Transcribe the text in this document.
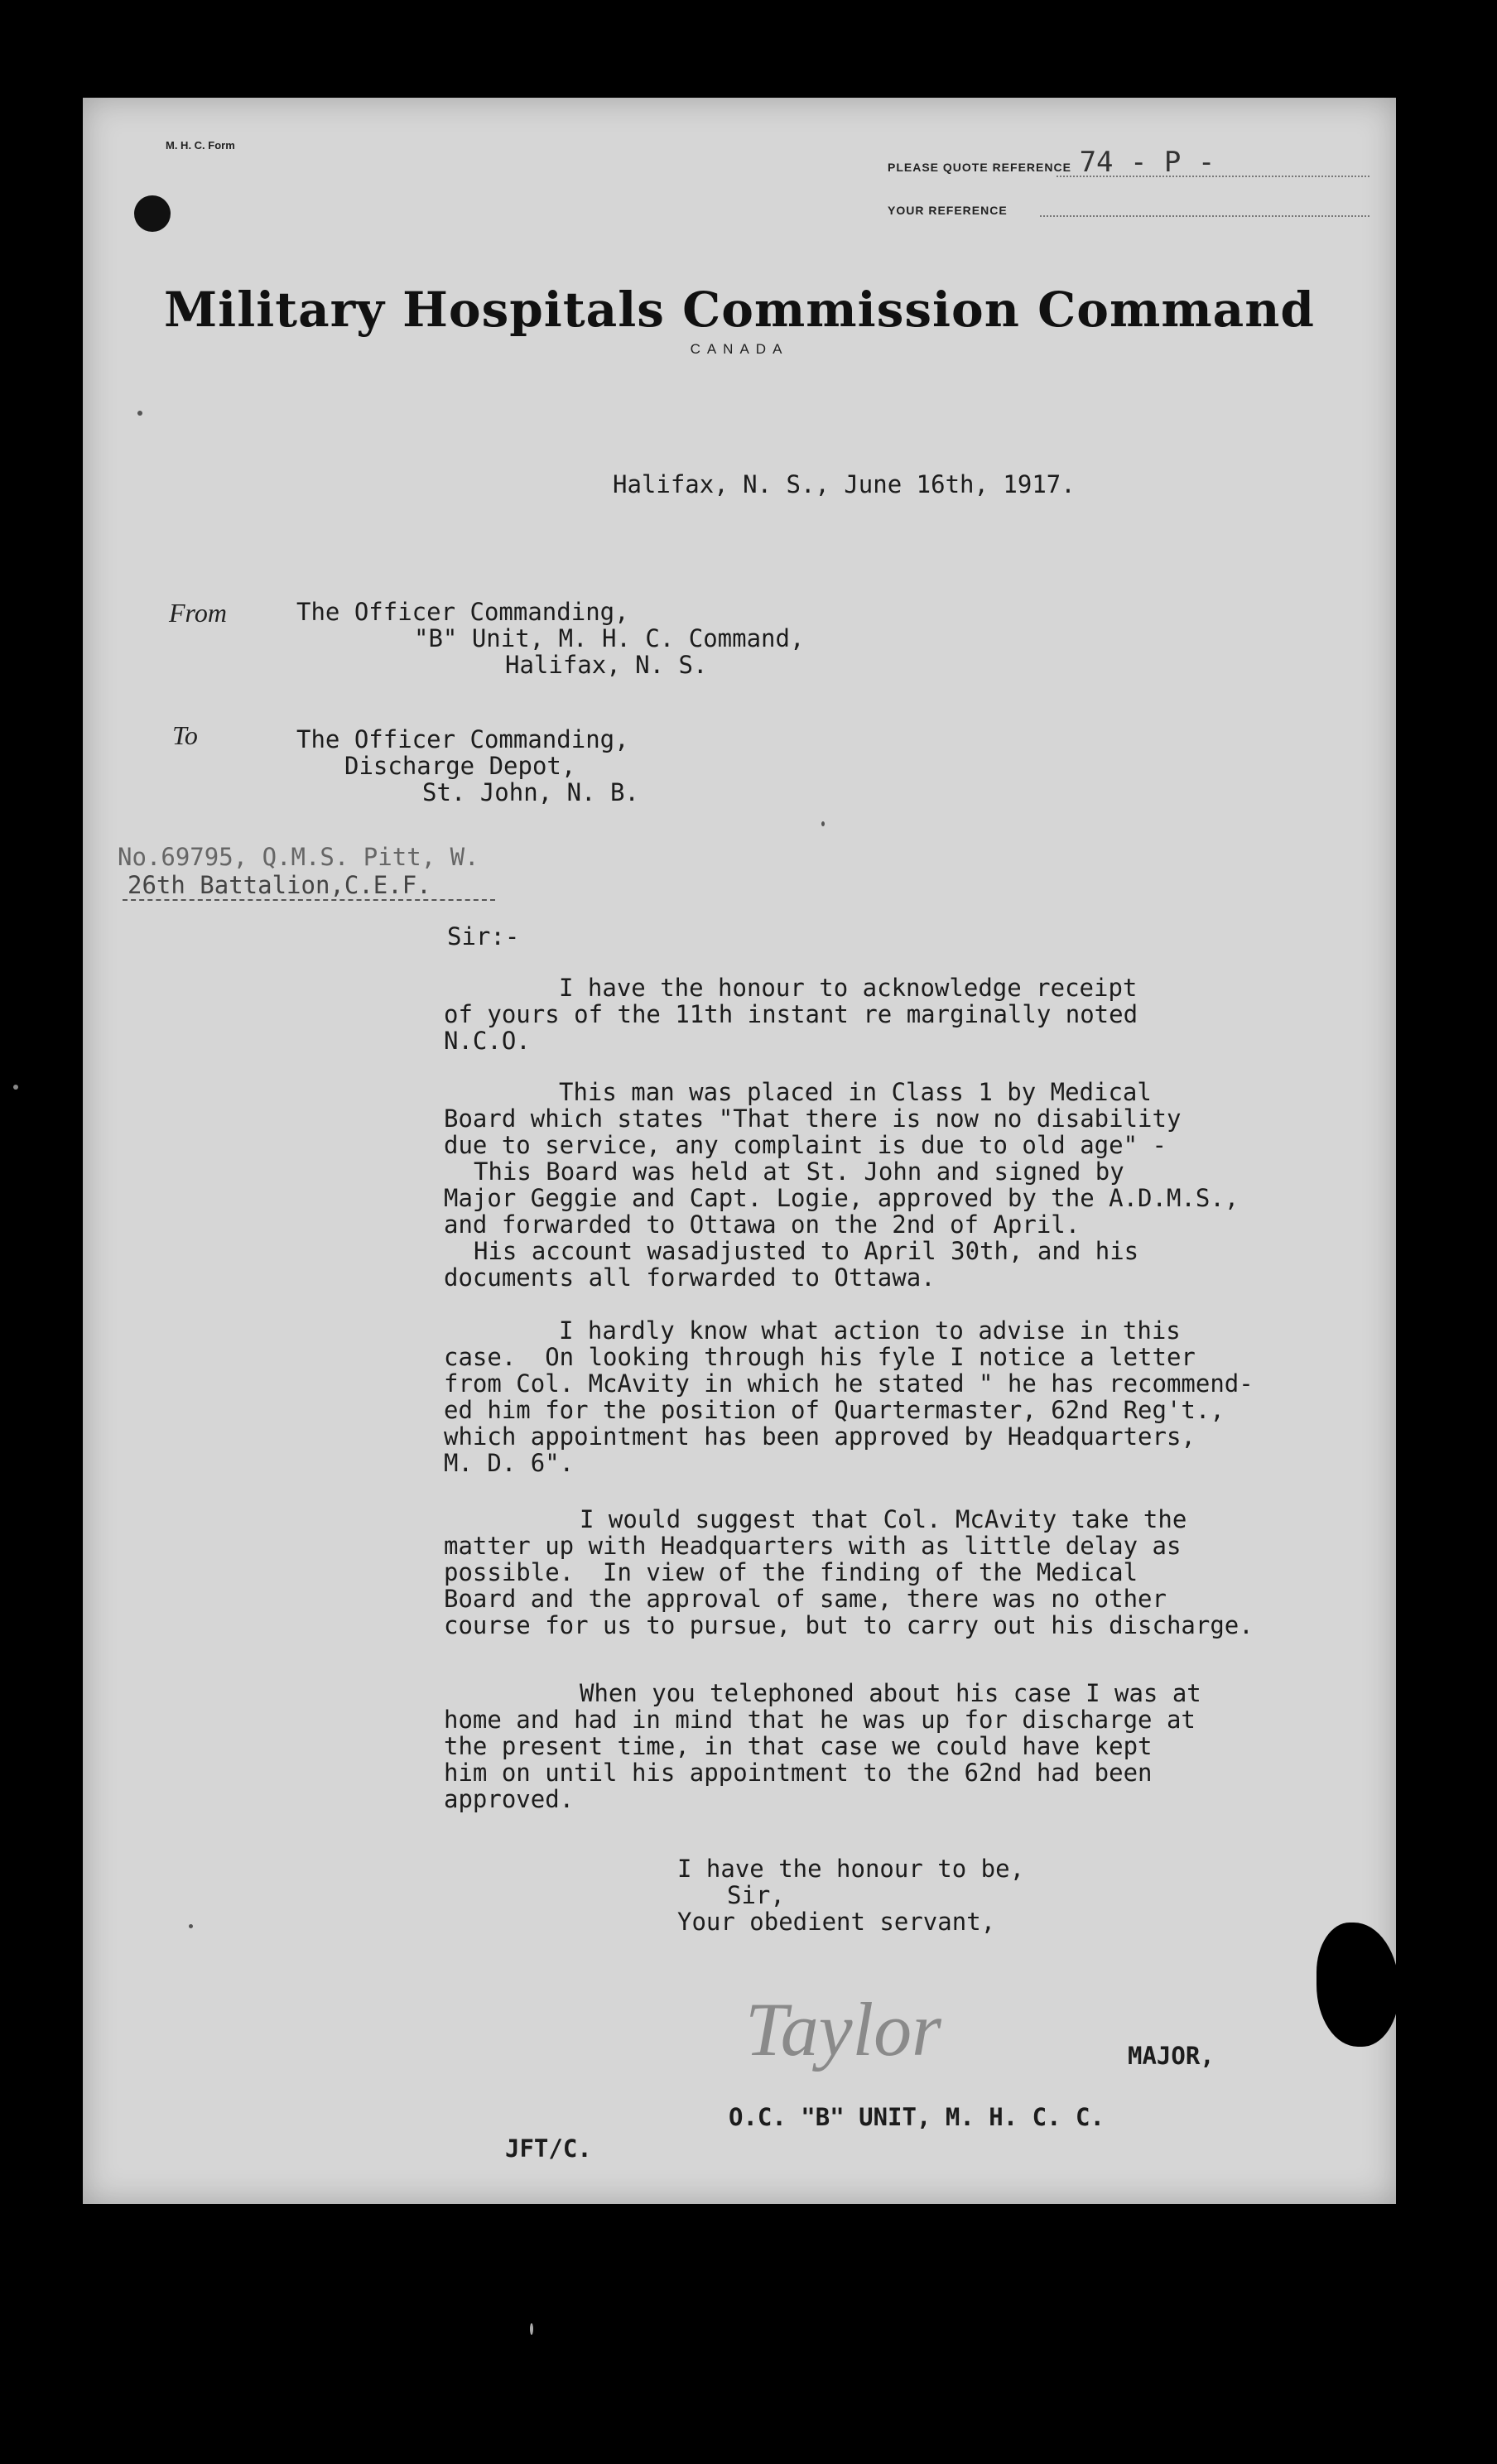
M. H. C. Form
PLEASE QUOTE REFERENCE 74 - P -
YOUR REFERENCE
Military Hospitals Commission Command
CANADA
Halifax, N. S., June 16th, 1917.
From	The Officer Commanding,
"B" Unit, M. H. C. Command,
Halifax, N. S.
To	The Officer Commanding,
Discharge Depot,
St. John, N. B.
No.69795, Q.M.S. Pitt, W.
26th Battalion,C.E.F.
Sir:-
I have the honour to acknowledge receipt
of yours of the 11th instant re marginally noted
N.C.O.
This man was placed in Class 1 by Medical
Board which states "That there is now no disability
due to service, any complaint is due to old age" -
This Board was held at St. John and signed by
Major Geggie and Capt. Logie, approved by the A.D.M.S.,
and forwarded to Ottawa on the 2nd of April.
His account wasadjusted to April 30th, and his
documents all forwarded to Ottawa.
I hardly know what action to advise in this
case.  On looking through his fyle I notice a letter
from Col. McAvity in which he stated " he has recommend-
ed him for the position of Quartermaster, 62nd Reg't.,
which appointment has been approved by Headquarters,
M. D. 6".
I would suggest that Col. McAvity take the
matter up with Headquarters with as little delay as
possible.  In view of the finding of the Medical
Board and the approval of same, there was no other
course for us to pursue, but to carry out his discharge.
When you telephoned about his case I was at
home and had in mind that he was up for discharge at
the present time, in that case we could have kept
him on until his appointment to the 62nd had been
approved.
I have the honour to be,
Sir,
Your obedient servant,
Taylor	MAJOR,
O.C. "B" UNIT, M. H. C. C.
JFT/C.
